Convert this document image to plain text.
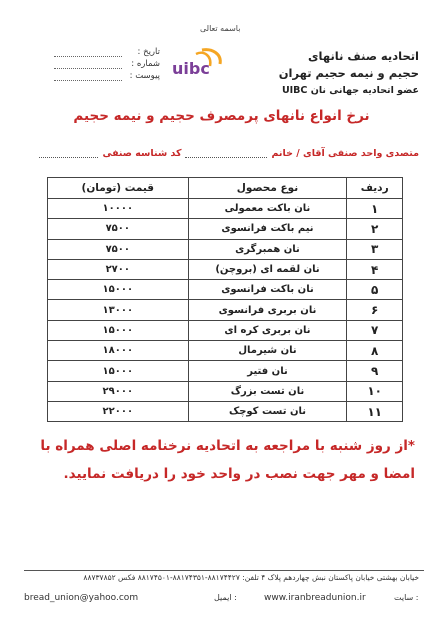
باسمه تعالی
اتحادیه صنف نانهای
حجیم و نیمه حجیم تهران
عضو اتحادیه جهانی نان UIBC
uibc
تاریخ :
شماره :
پیوست :
نرخ انواع نانهای پرمصرف حجیم و نیمه حجیم
متصدی واحد صنفی آقای / خانم
کد شناسه صنفی
ردیف	نوع محصول	قیمت (تومان)
۱	نان باکت معمولی	۱۰۰۰۰
۲	نیم باکت فرانسوی	۷۵۰۰
۳	نان همبرگری	۷۵۰۰
۴	نان لقمه ای (بروچن)	۲۷۰۰
۵	نان باکت فرانسوی	۱۵۰۰۰
۶	نان بربری فرانسوی	۱۳۰۰۰
۷	نان بربری کره ای	۱۵۰۰۰
۸	نان شیرمال	۱۸۰۰۰
۹	نان فتیر	۱۵۰۰۰
۱۰	نان تست بزرگ	۲۹۰۰۰
۱۱	نان تست کوچک	۲۲۰۰۰
*از روز شنبه با مراجعه به اتحادیه نرخنامه اصلی همراه با امضا و مهر جهت نصب در واحد خود را دریافت نمایید.
خیابان بهشتی خیابان پاکستان نبش چهاردهم پلاک ۴ تلفن: ۸۸۱۷۴۴۲۷-۸۸۱۷۴۳۵۱-۸۸۱۷۴۵۰۱ فکس ۸۸۷۳۷۸۵۲
bread_union@yahoo.com	ایمیل :	www.iranbreadunion.ir	سایت :
